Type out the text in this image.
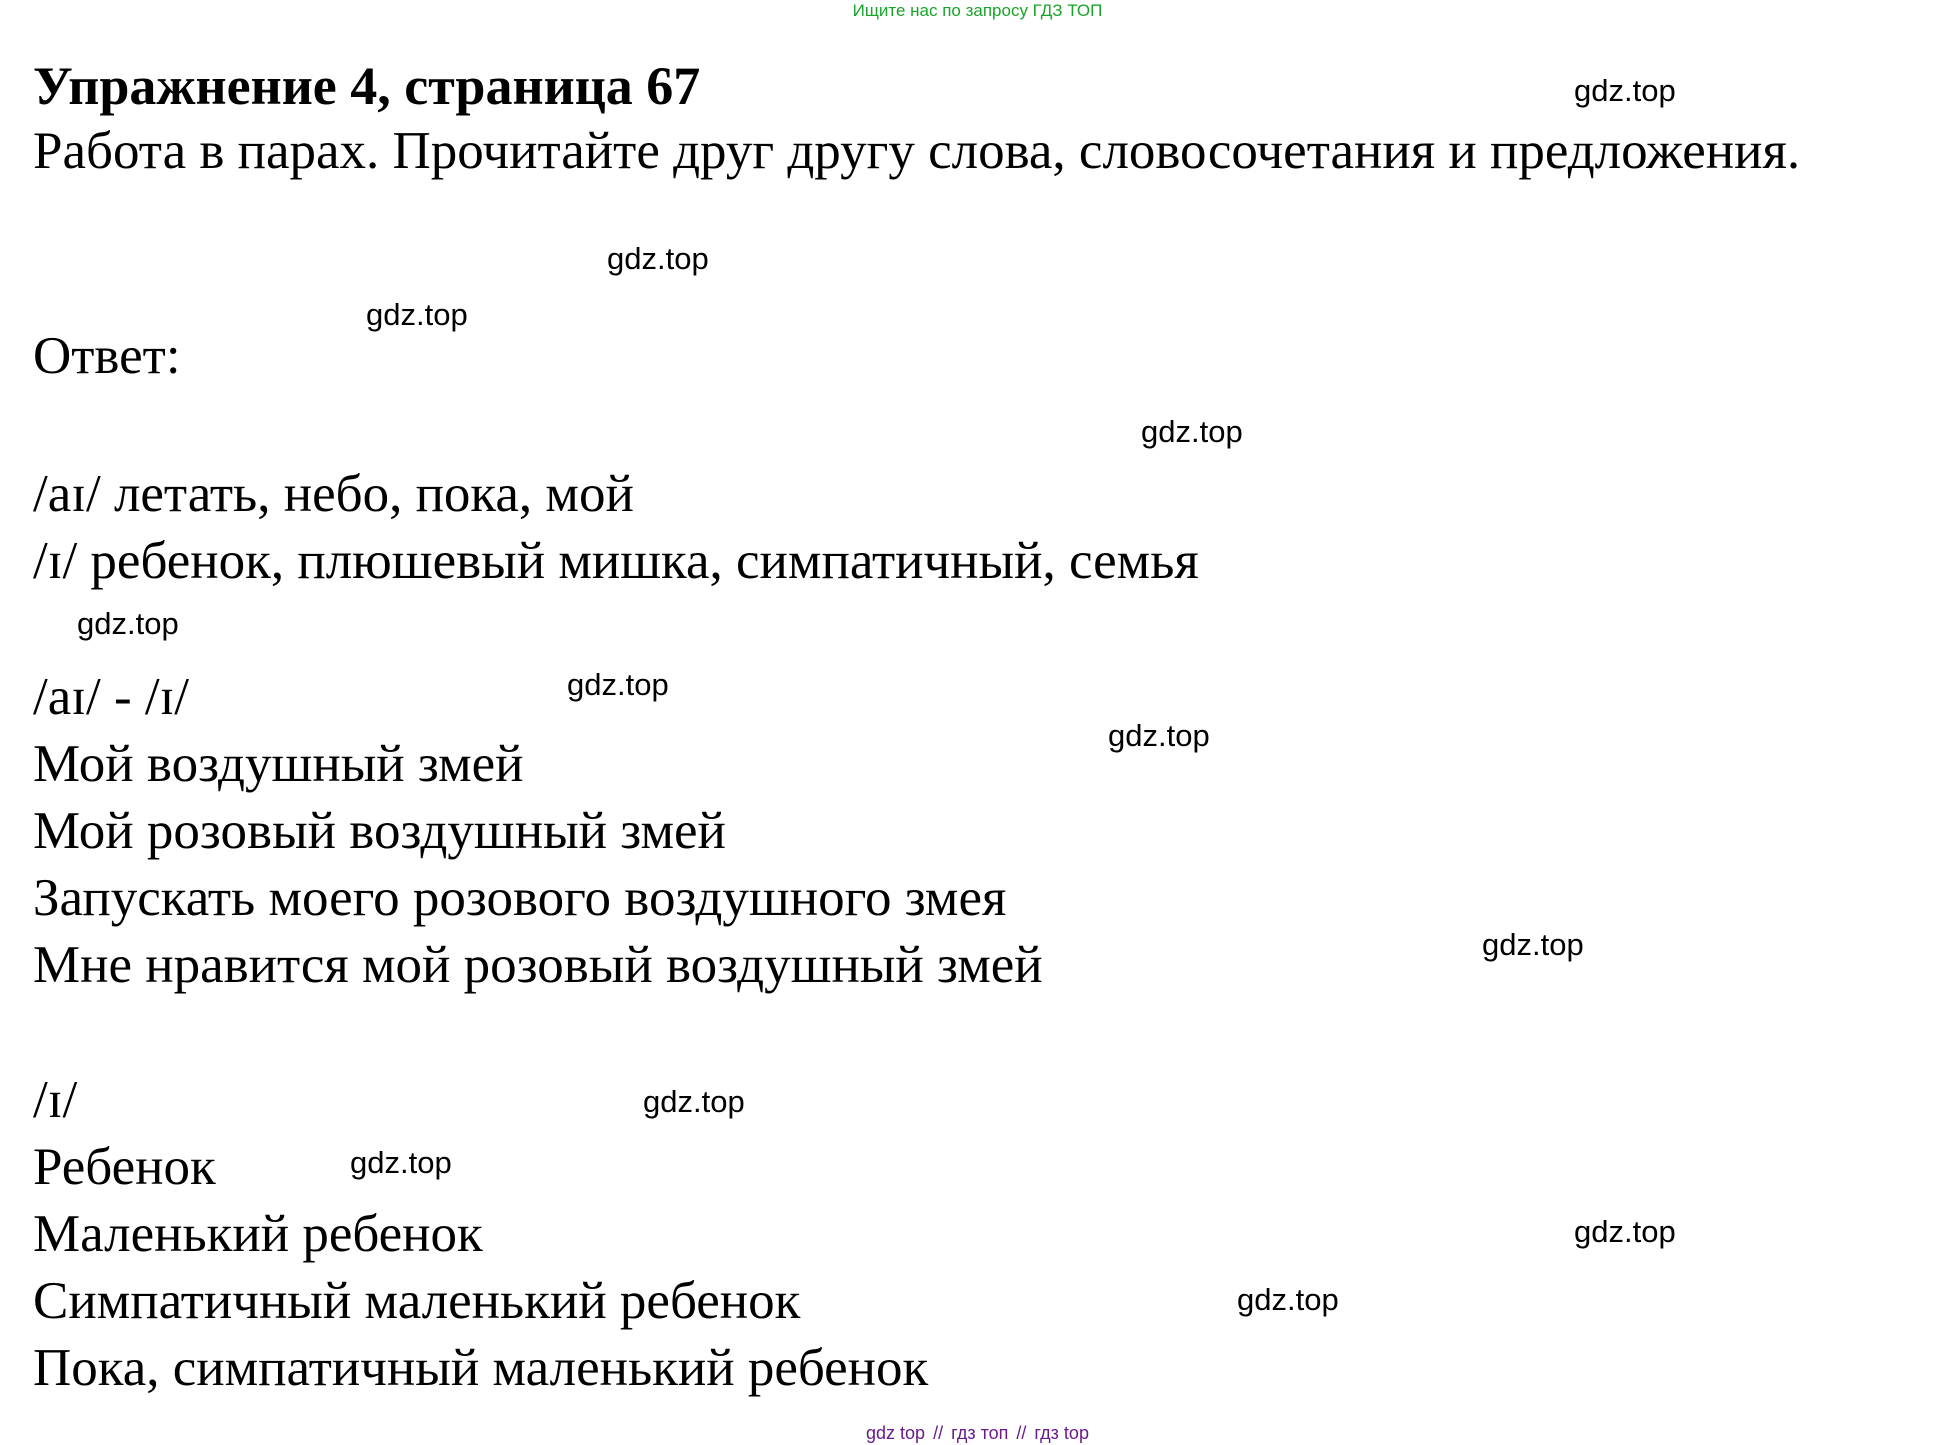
Ищите нас по запросу ГДЗ ТОП
Упражнение 4, страница 67

Работа в парах. Прочитайте друг другу слова, словосочетания и предложения.

Ответ:
/aɪ/ летать, небо, пока, мой
/ɪ/ ребенок, плюшевый мишка, симпатичный, семья
/aɪ/ - /ɪ/
Мой воздушный змей
Мой розовый воздушный змей
Запускать моего розового воздушного змея
Мне нравится мой розовый воздушный змей
/ɪ/
Ребенок
Маленький ребенок
Симпатичный маленький ребенок
Пока, симпатичный маленький ребенок
gdz.top
gdz.top
gdz.top
gdz.top
gdz.top
gdz.top
gdz.top
gdz.top
gdz.top
gdz.top
gdz.top
gdz.top
gdz top // гдз топ // гдз top
